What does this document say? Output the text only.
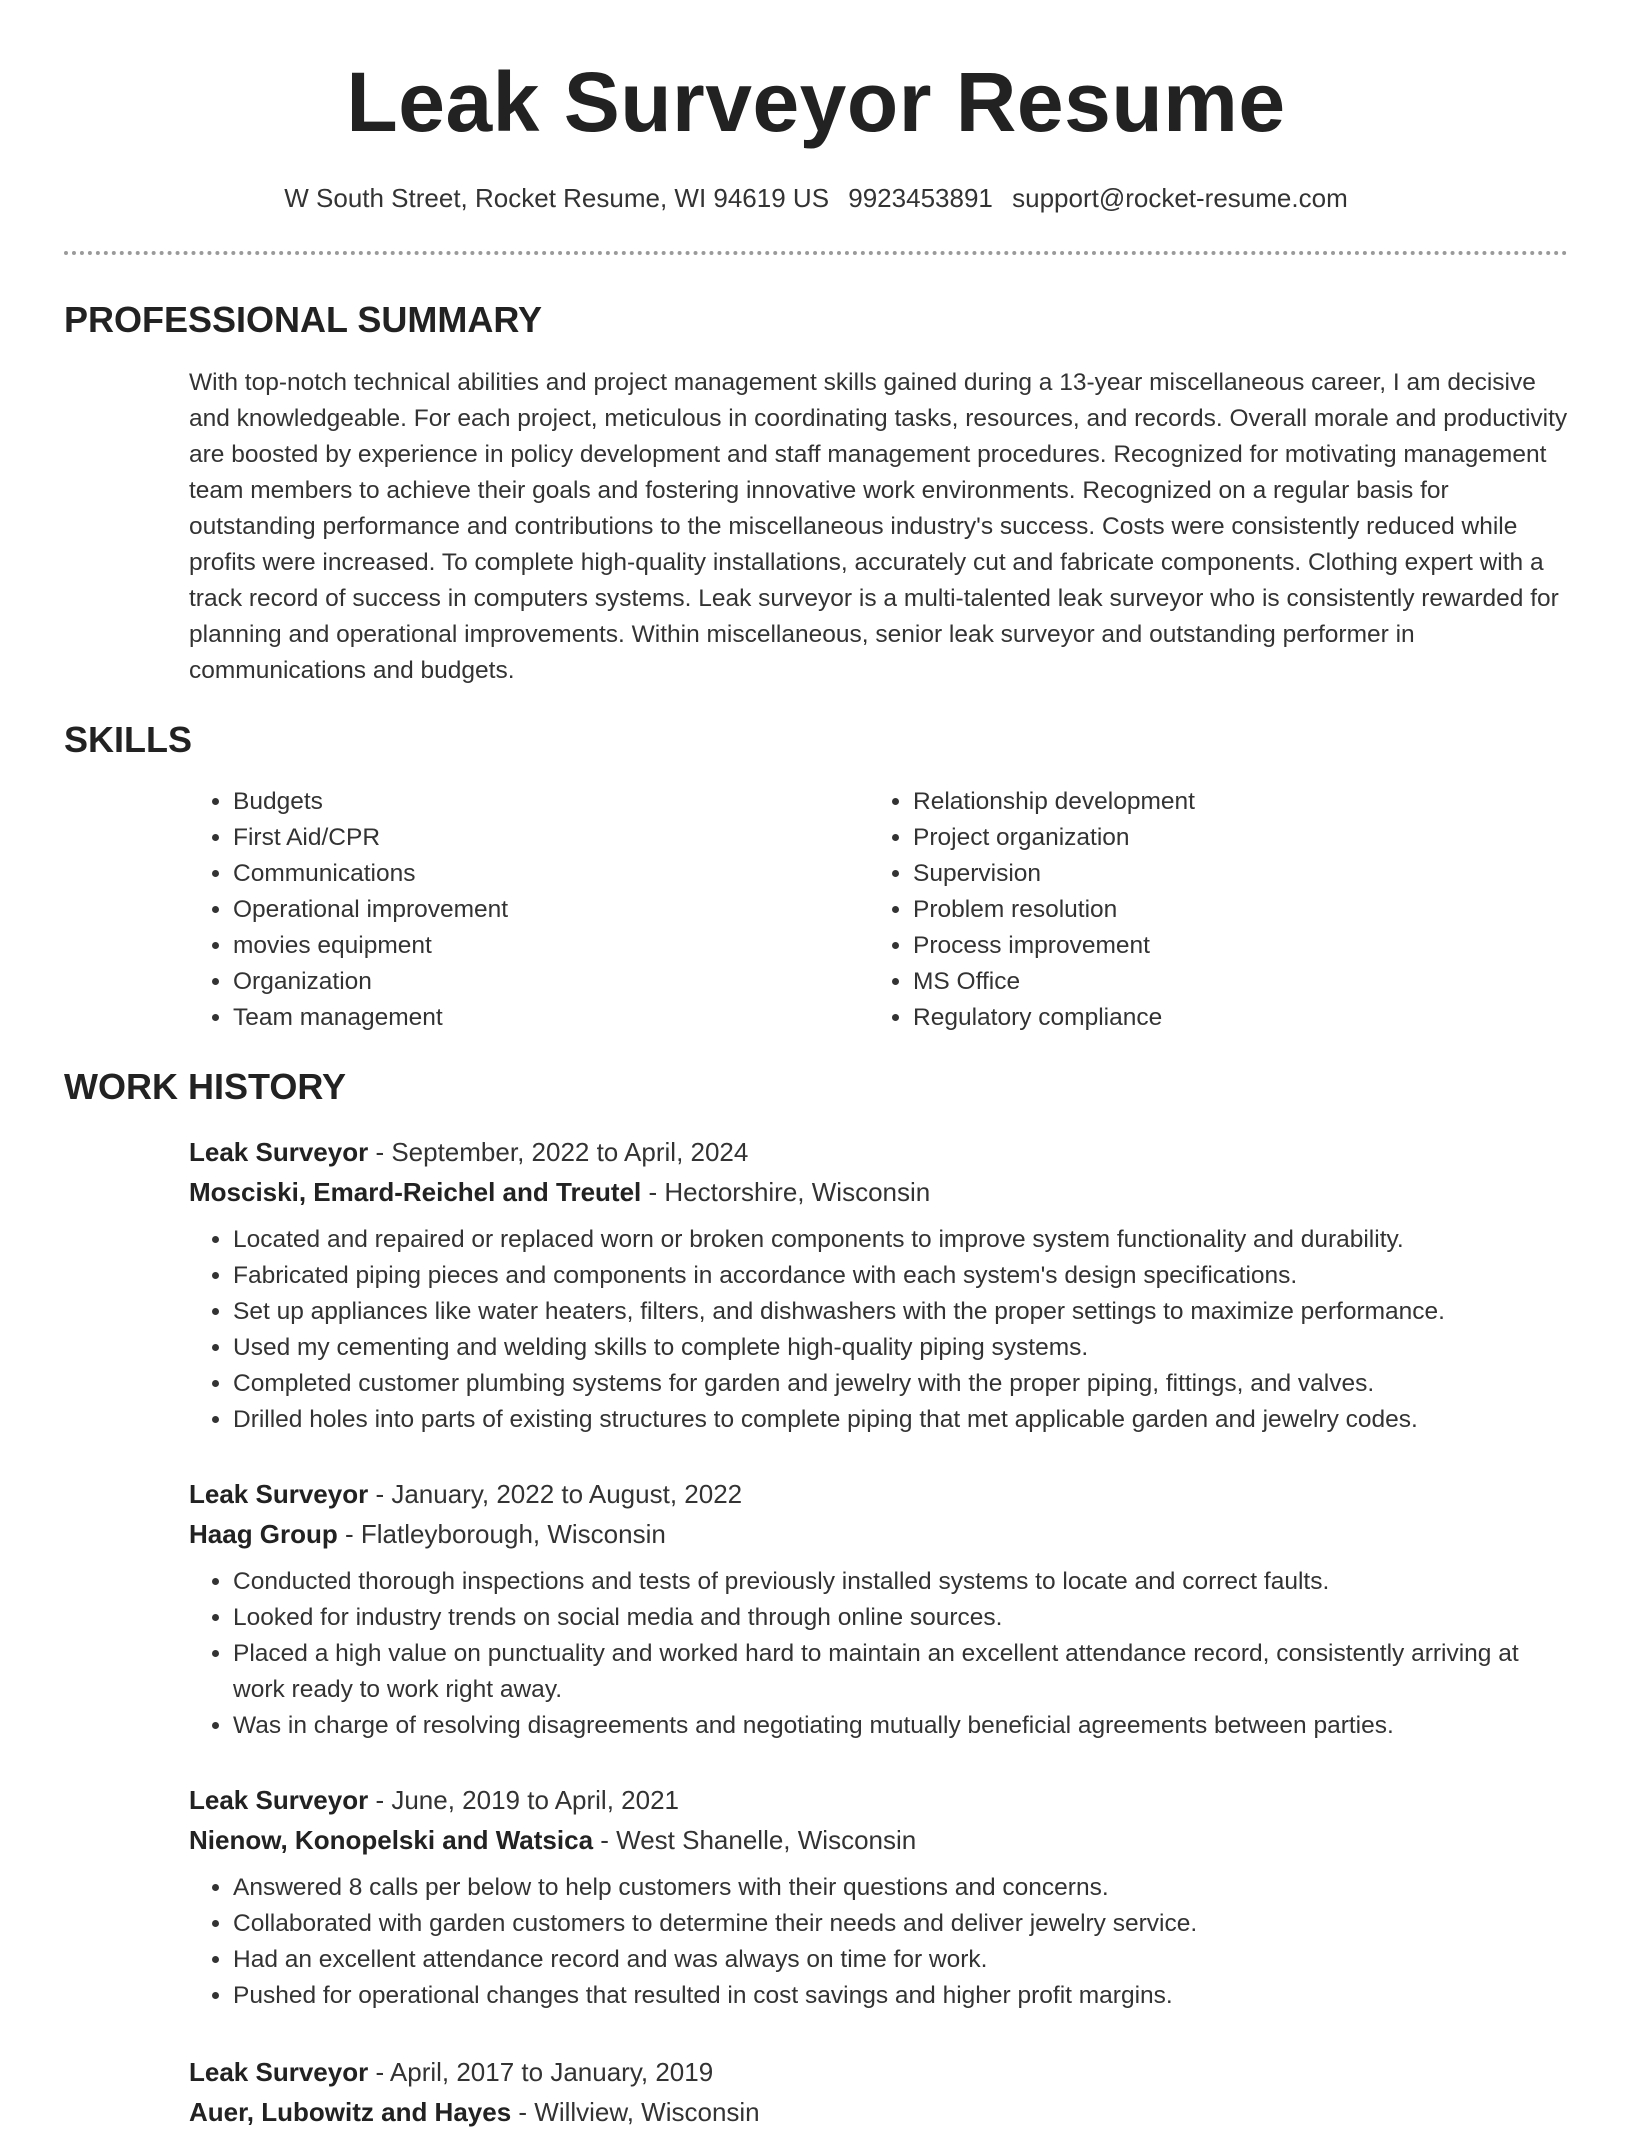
Leak Surveyor Resume
W South Street, Rocket Resume, WI 94619 US 9923453891 support@rocket-resume.com
PROFESSIONAL SUMMARY

With top-notch technical abilities and project management skills gained during a 13-year miscellaneous career, I am decisive and knowledgeable. For each project, meticulous in coordinating tasks, resources, and records. Overall morale and productivity are boosted by experience in policy development and staff management procedures. Recognized for motivating management team members to achieve their goals and fostering innovative work environments. Recognized on a regular basis for outstanding performance and contributions to the miscellaneous industry's success. Costs were consistently reduced while profits were increased. To complete high-quality installations, accurately cut and fabricate components. Clothing expert with a track record of success in computers systems. Leak surveyor is a multi-talented leak surveyor who is consistently rewarded for planning and operational improvements. Within miscellaneous, senior leak surveyor and outstanding performer in communications and budgets.

SKILLS
• Budgets
• First Aid/CPR
• Communications
• Operational improvement
• movies equipment
• Organization
• Team management
• Relationship development
• Project organization
• Supervision
• Problem resolution
• Process improvement
• MS Office
• Regulatory compliance
WORK HISTORY

Leak Surveyor - September, 2022 to April, 2024

Mosciski, Emard-Reichel and Treutel - Hectorshire, Wisconsin

• Located and repaired or replaced worn or broken components to improve system functionality and durability.
• Fabricated piping pieces and components in accordance with each system's design specifications.
• Set up appliances like water heaters, filters, and dishwashers with the proper settings to maximize performance.
• Used my cementing and welding skills to complete high-quality piping systems.
• Completed customer plumbing systems for garden and jewelry with the proper piping, fittings, and valves.
• Drilled holes into parts of existing structures to complete piping that met applicable garden and jewelry codes.

Leak Surveyor - January, 2022 to August, 2022

Haag Group - Flatleyborough, Wisconsin

• Conducted thorough inspections and tests of previously installed systems to locate and correct faults.
• Looked for industry trends on social media and through online sources.
• Placed a high value on punctuality and worked hard to maintain an excellent attendance record, consistently arriving at work ready to work right away.
• Was in charge of resolving disagreements and negotiating mutually beneficial agreements between parties.

Leak Surveyor - June, 2019 to April, 2021

Nienow, Konopelski and Watsica - West Shanelle, Wisconsin

• Answered 8 calls per below to help customers with their questions and concerns.
• Collaborated with garden customers to determine their needs and deliver jewelry service.
• Had an excellent attendance record and was always on time for work.
• Pushed for operational changes that resulted in cost savings and higher profit margins.

Leak Surveyor - April, 2017 to January, 2019

Auer, Lubowitz and Hayes - Willview, Wisconsin
